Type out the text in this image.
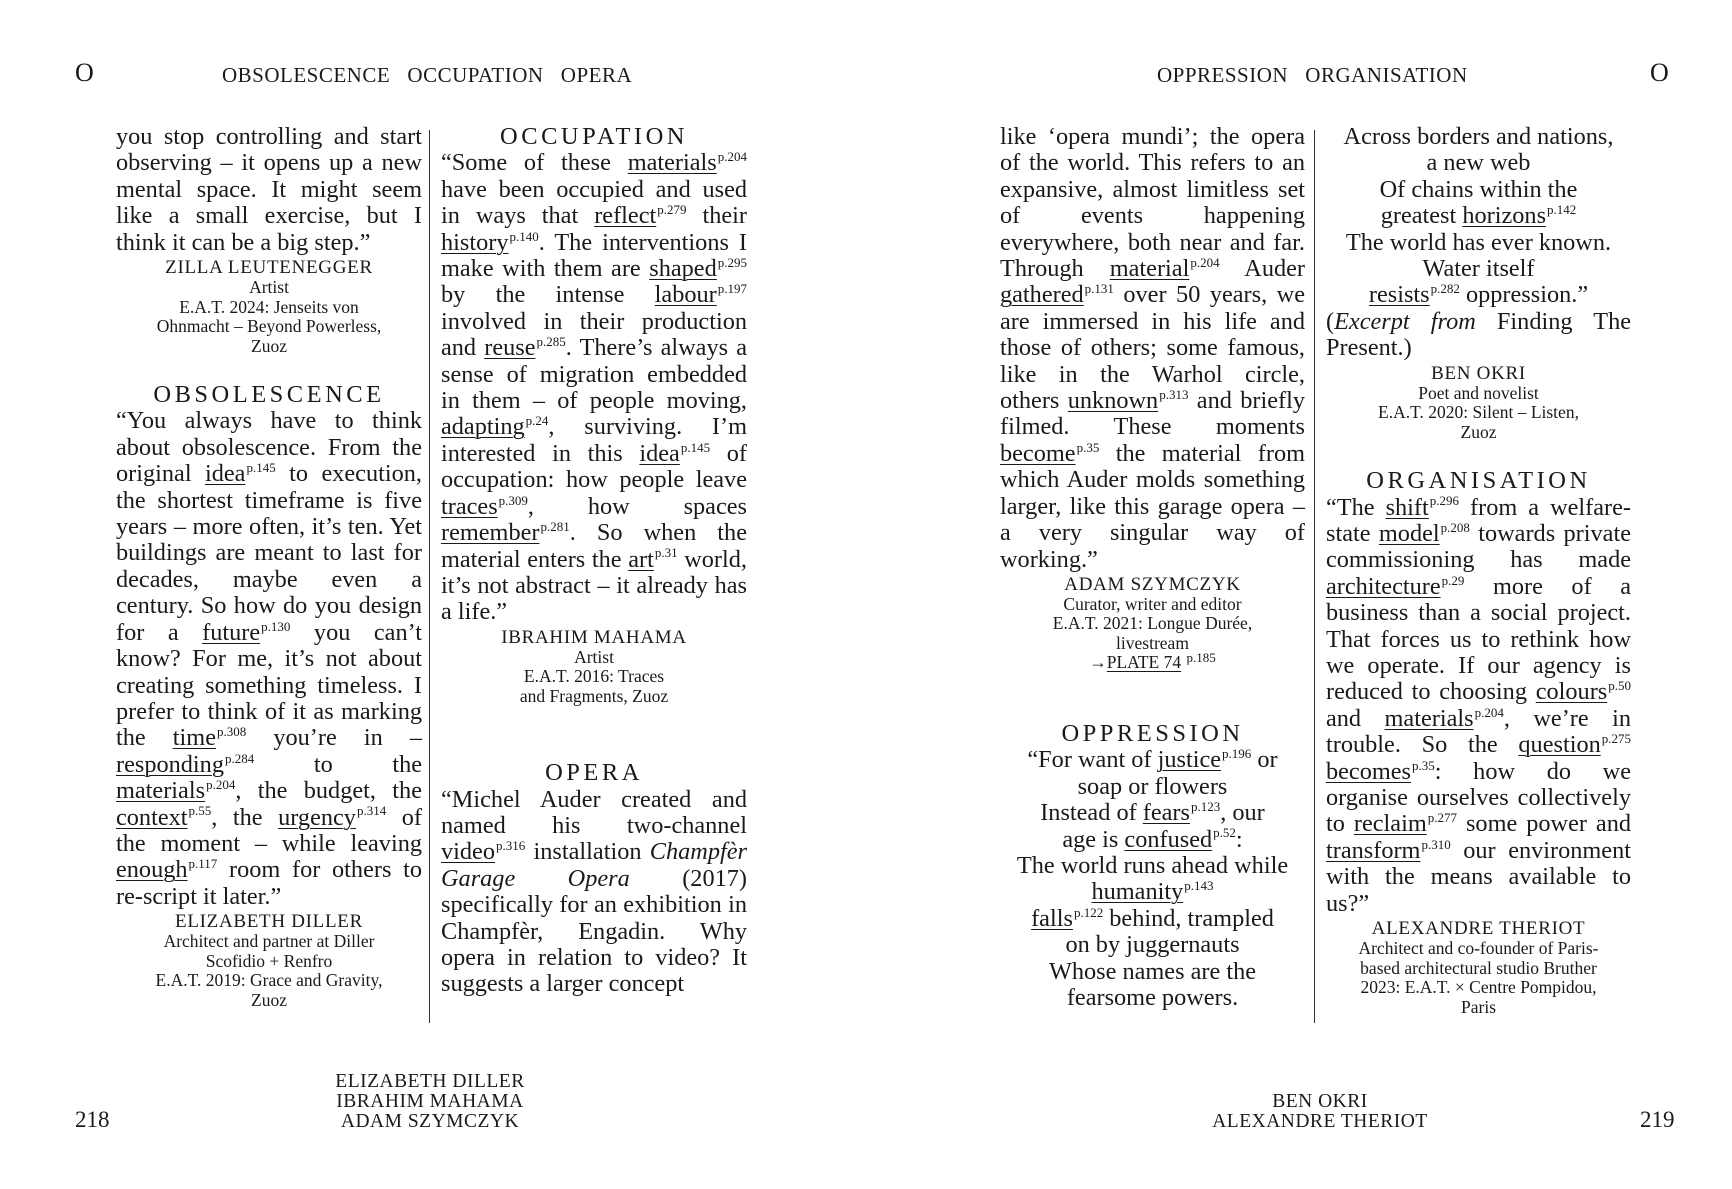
O	OBSOLESCENCE   OCCUPATION   OPERA	OPPRESSION   ORGANISATION	O
you stop controlling and start observing – it opens up a new mental space. It might seem like a small exercise, but I think it can be a big step.”
ZILLA LEUTENEGGER
Artist
E.A.T. 2024: Jenseits von
Ohnmacht – Beyond Powerless,
Zuoz
OBSOLESCENCE
“You always have to think about obsolescence. From the original idea$^{p.145}$ to execution, the shortest timeframe is five years – more often, it’s ten. Yet buildings are meant to last for decades, maybe even a century. So how do you design for a future$^{p.130}$ you can’t know? For me, it’s not about creating something timeless. I prefer to think of it as marking the time$^{p.308}$ you’re in – responding$^{p.284}$ to the materials$^{p.204}$, the budget, the context$^{p.55}$, the urgency$^{p.314}$ of the moment – while leaving enough$^{p.117}$ room for others to re-script it later.”
ELIZABETH DILLER
Architect and partner at Diller
Scofidio + Renfro
E.A.T. 2019: Grace and Gravity,
Zuoz
OCCUPATION
“Some of these materials$^{p.204}$ have been occupied and used in ways that reflect$^{p.279}$ their history$^{p.140}$. The interventions I make with them are shaped$^{p.295}$ by the intense labour$^{p.197}$ involved in their production and reuse$^{p.285}$. There’s always a sense of migration embedded in them – of people moving, adapting$^{p.24}$, surviving. I’m interested in this idea$^{p.145}$ of occupation: how people leave traces$^{p.309}$, how spaces remember$^{p.281}$. So when the material enters the art$^{p.31}$ world, it’s not abstract – it already has a life.”
IBRAHIM MAHAMA
Artist
E.A.T. 2016: Traces
and Fragments, Zuoz
OPERA
“Michel Auder created and named his two-channel video$^{p.316}$ installation Champfèr Garage Opera (2017) specifically for an exhibition in Champfèr, Engadin. Why opera in relation to video? It suggests a larger concept
like ‘opera mundi’; the opera of the world. This refers to an expansive, almost limitless set of events happening everywhere, both near and far. Through material$^{p.204}$ Auder gathered$^{p.131}$ over 50 years, we are immersed in his life and those of others; some famous, like in the Warhol circle, others unknown$^{p.313}$ and briefly filmed. These moments become$^{p.35}$ the material from which Auder molds something larger, like this garage opera – a very singular way of working.”
ADAM SZYMCZYK
Curator, writer and editor
E.A.T. 2021: Longue Durée,
livestream
→PLATE 74 $^{p.185}$
OPPRESSION
“For want of justice$^{p.196}$ or
soap or flowers
Instead of fears$^{p.123}$, our
age is confused$^{p.52}$:
The world runs ahead while
humanity$^{p.143}$
falls$^{p.122}$ behind, trampled
on by juggernauts
Whose names are the
fearsome powers.
Across borders and nations,
a new web
Of chains within the
greatest horizons$^{p.142}$
The world has ever known.
Water itself
resists$^{p.282}$ oppression.”
(Excerpt from Finding The Present.)
BEN OKRI
Poet and novelist
E.A.T. 2020: Silent – Listen,
Zuoz
ORGANISATION
“The shift$^{p.296}$ from a welfare-state model$^{p.208}$ towards private commissioning has made architecture$^{p.29}$ more of a business than a social project. That forces us to rethink how we operate. If our agency is reduced to choosing colours$^{p.50}$ and materials$^{p.204}$, we’re in trouble. So the question$^{p.275}$ becomes$^{p.35}$: how do we organise ourselves collectively to reclaim$^{p.277}$ some power and transform$^{p.310}$ our environment with the means available to us?”
ALEXANDRE THERIOT
Architect and co-founder of Paris-
based architectural studio Bruther
2023: E.A.T. × Centre Pompidou,
Paris
218
ELIZABETH DILLER
IBRAHIM MAHAMA
ADAM SZYMCZYK
BEN OKRI
ALEXANDRE THERIOT	219
